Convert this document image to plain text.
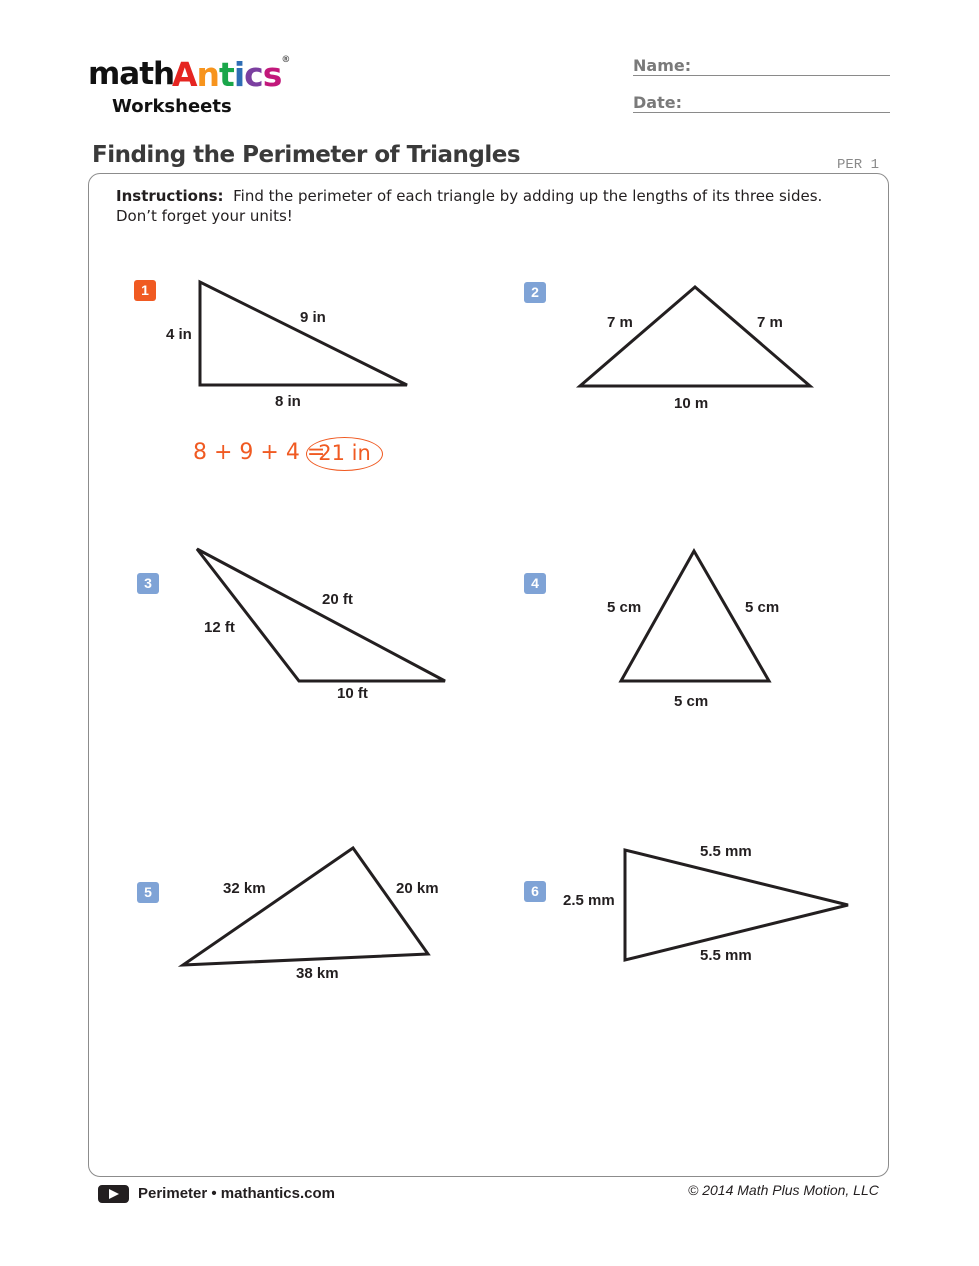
math
Antics®
Worksheets
Name:
Date:
Finding the Perimeter of Triangles	PER 1
Instructions: Find the perimeter of each triangle by adding up the lengths of its three sides.
Don’t forget your units!
1
4 in
9 in
8 in
8 + 9 + 4 =
21 in
2
7 m	7 m
10 m
3
12 ft
20 ft
10 ft
4
5 cm	5 cm
5 cm
5	32 km	20 km
38 km
6
2.5 mm
5.5 mm
5.5 mm
Perimeter • mathantics.com	© 2014 Math Plus Motion, LLC
